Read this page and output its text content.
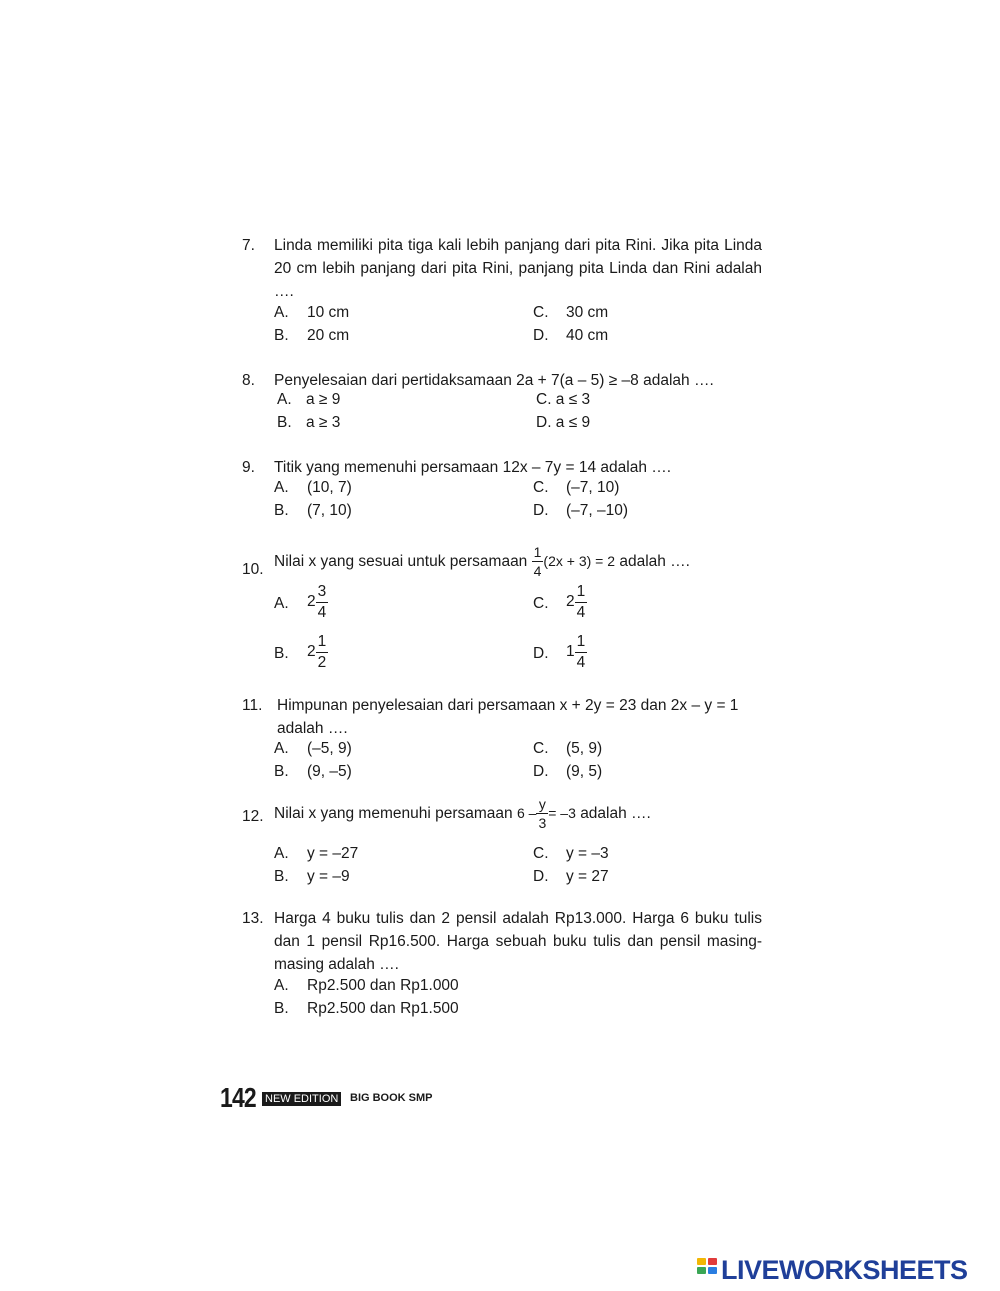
7. Linda memiliki pita tiga kali lebih panjang dari pita Rini. Jika pita Linda 20 cm lebih panjang dari pita Rini, panjang pita Linda dan Rini adalah ….
A. 10 cm
B. 20 cm
C. 30 cm
D. 40 cm
8. Penyelesaian dari pertidaksamaan 2a + 7(a – 5) ≥ –8 adalah ….
A. a ≥ 9
B. a ≥ 3
C. a ≤ 3
D. a ≤ 9
9. Titik yang memenuhi persamaan 12x – 7y = 14 adalah ….
A. (10, 7)
B. (7, 10)
C. (–7, 10)
D. (–7, –10)
10. Nilai x yang sesuai untuk persamaan $\frac{1}{4} (2x + 3) = 2$ adalah ….
A. $2 \frac{3}{4}$
B. $2 \frac{1}{2}$
C. $2 \frac{1}{4}$
D. $1 \frac{1}{4}$
11. Himpunan penyelesaian dari persamaan x + 2y = 23 dan 2x – y = 1 adalah ….
A. (–5, 9)
B. (9, –5)
C. (5, 9)
D. (9, 5)
12. Nilai x yang memenuhi persamaan $6 - \frac{y}{3} = -3$ adalah ….
A. y = –27
B. y = –9
C. y = –3
D. y = 27
13. Harga 4 buku tulis dan 2 pensil adalah Rp13.000. Harga 6 buku tulis dan 1 pensil Rp16.500. Harga sebuah buku tulis dan pensil masing-masing adalah ….
A. Rp2.500 dan Rp1.000
B. Rp2.500 dan Rp1.500
142 NEW EDITION BIG BOOK SMP
LIVEWORKSHEETS
